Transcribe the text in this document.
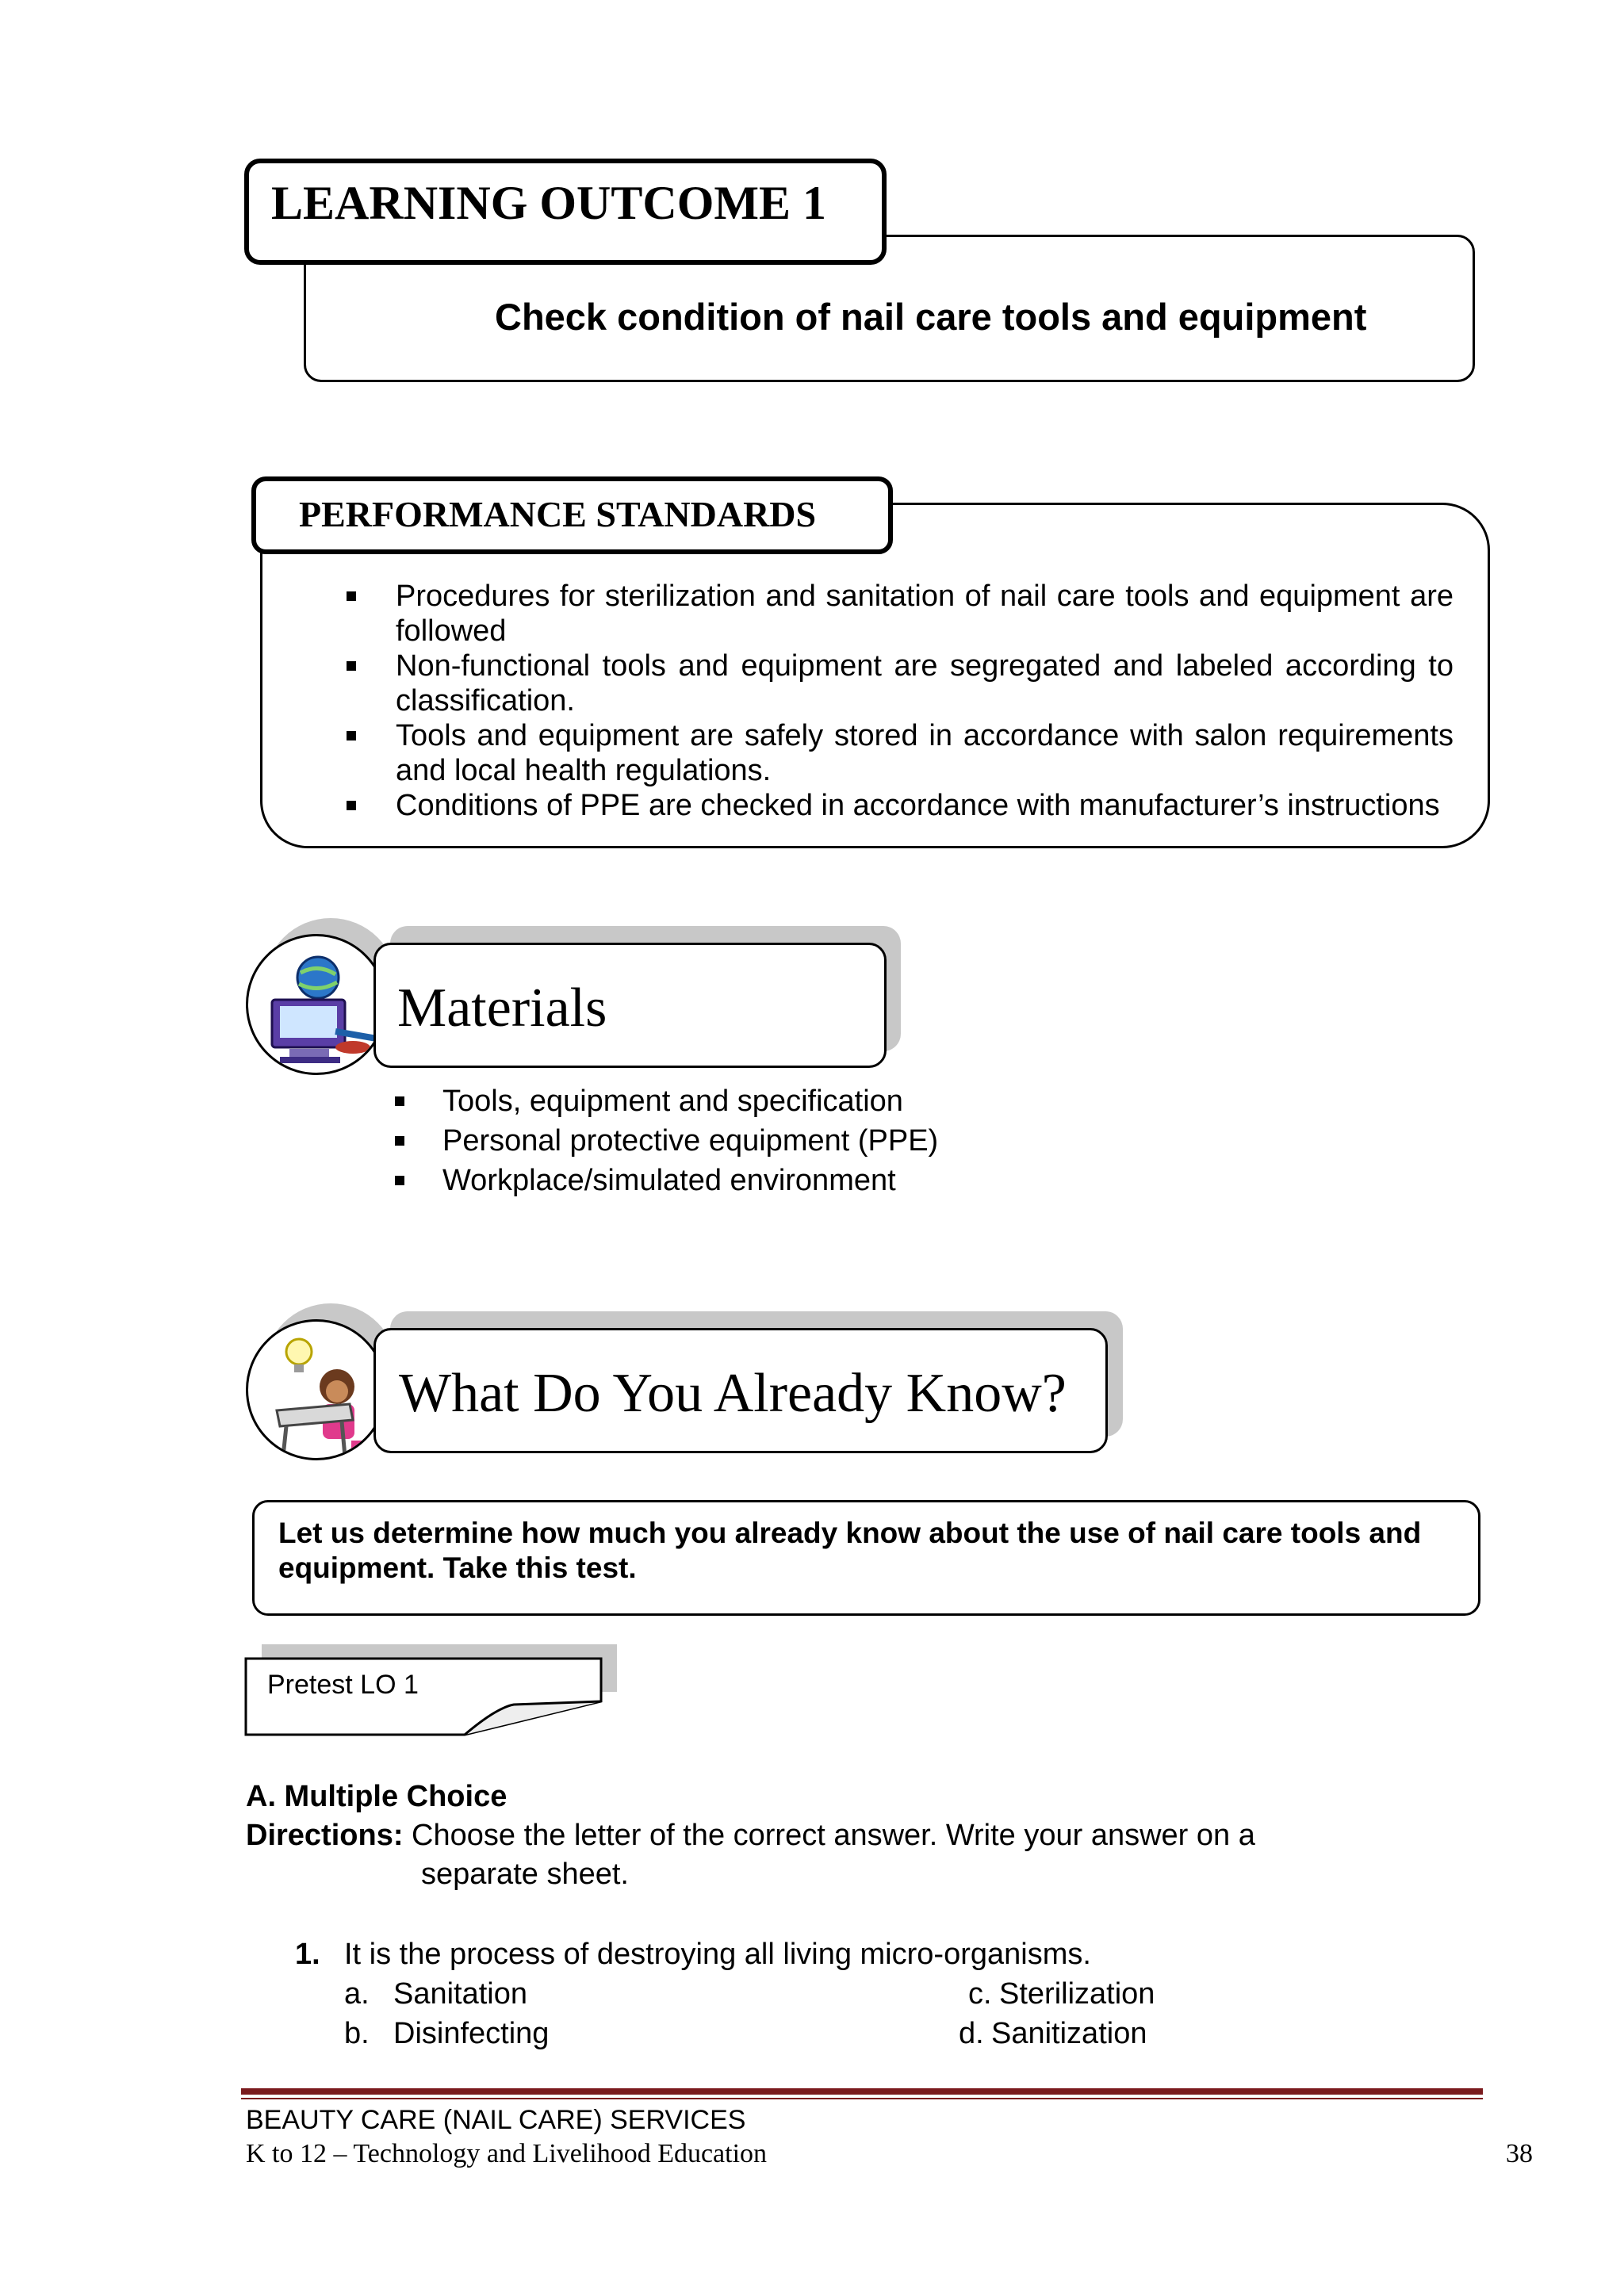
Check condition of nail care tools and equipment
LEARNING OUTCOME 1
PERFORMANCE STANDARDS
Procedures for sterilization and sanitation of nail care tools and equipment are followed
Non-functional tools and equipment are segregated and labeled according to classification.
Tools and equipment are safely stored in accordance with salon requirements and local health regulations.
Conditions of PPE are checked in accordance with manufacturer’s instructions
Materials
Tools, equipment and specification
Personal protective equipment (PPE)
Workplace/simulated environment
What Do You Already Know?
Let us determine how much you already know about the use of nail care tools and equipment. Take this test.
Pretest LO 1
A. Multiple Choice
Directions: Choose the letter of the correct answer. Write your answer on a
separate sheet.
1. It is the process of destroying all living micro-organisms.
a. Sanitation
b. Disinfecting
c. Sterilization
d. Sanitization
BEAUTY CARE (NAIL CARE) SERVICES
K to 12 – Technology and Livelihood Education	38
